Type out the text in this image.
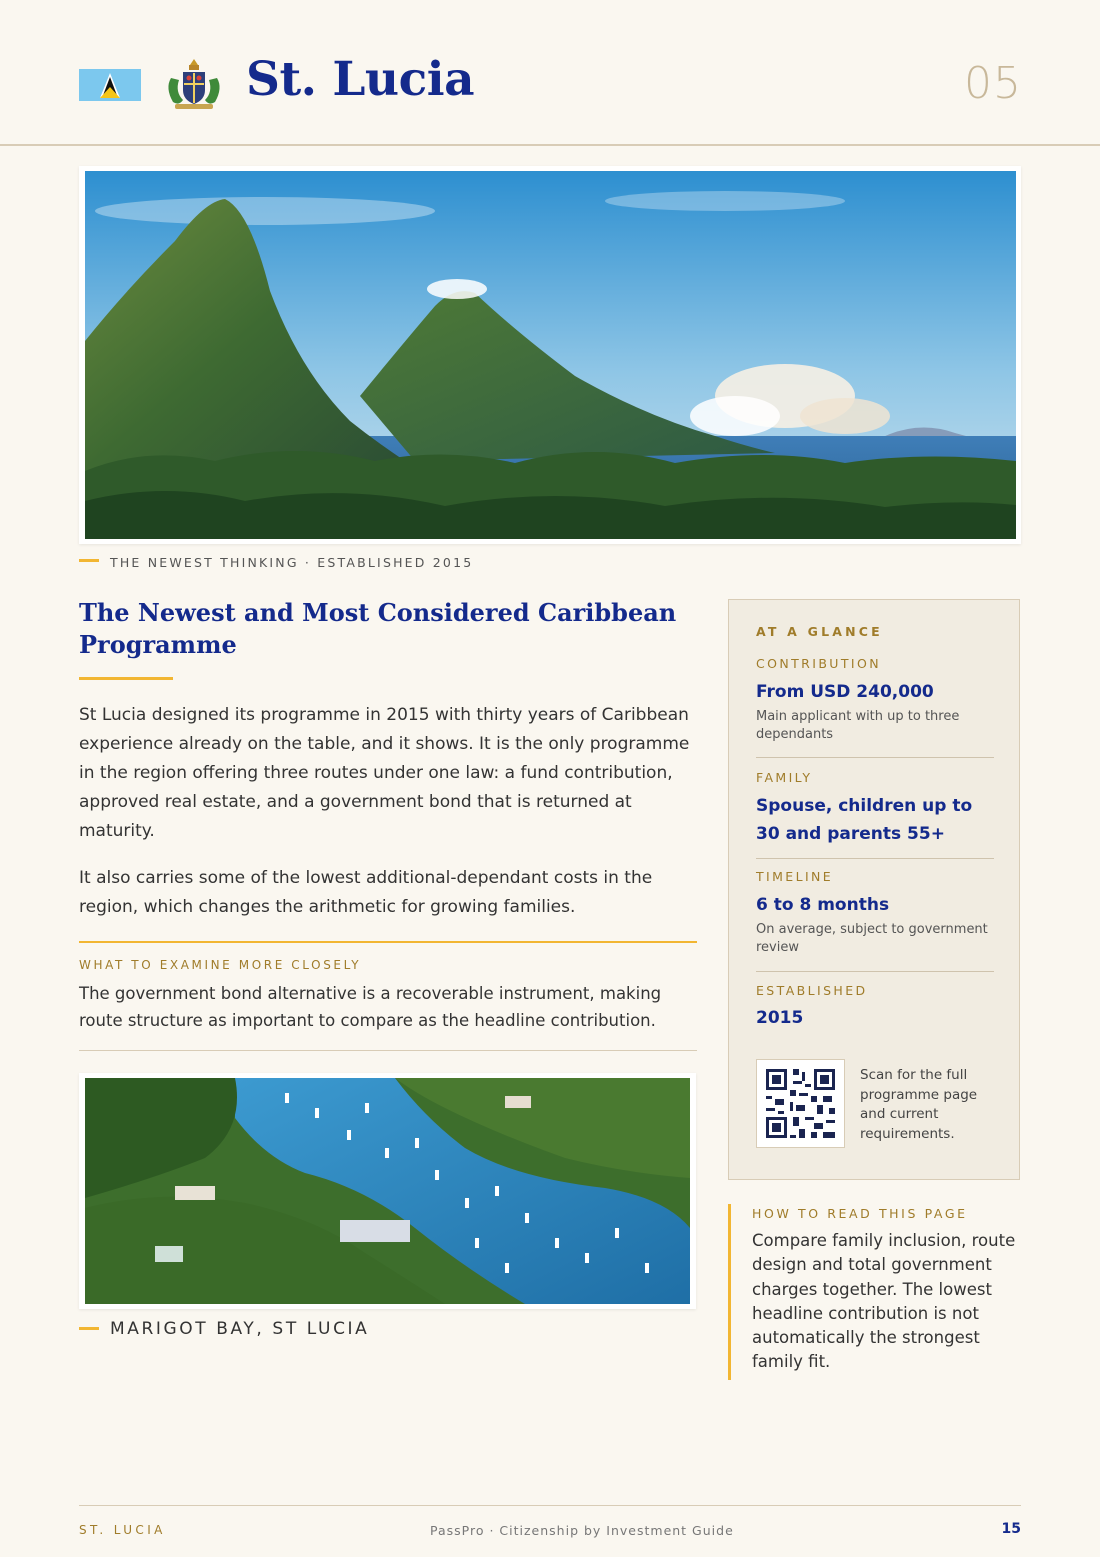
St. Lucia	05
THE NEWEST THINKING · ESTABLISHED 2015
The Newest and Most Considered Caribbean Programme
St Lucia designed its programme in 2015 with thirty years of Caribbean experience already on the table, and it shows. It is the only programme in the region offering three routes under one law: a fund contribution, approved real estate, and a government bond that is returned at maturity.
It also carries some of the lowest additional-dependant costs in the region, which changes the arithmetic for growing families.
WHAT TO EXAMINE MORE CLOSELY
The government bond alternative is a recoverable instrument, making route structure as important to compare as the headline contribution.
MARIGOT BAY, ST LUCIA
AT A GLANCE
CONTRIBUTION
From USD 240,000
Main applicant with up to three dependants
FAMILY
Spouse, children up to 30 and parents 55+
TIMELINE
6 to 8 months
On average, subject to government review
ESTABLISHED
2015
Scan for the full programme page and current requirements.
HOW TO READ THIS PAGE
Compare family inclusion, route design and total government charges together. The lowest headline contribution is not automatically the strongest family fit.
ST. LUCIA	PassPro · Citizenship by Investment Guide	15
